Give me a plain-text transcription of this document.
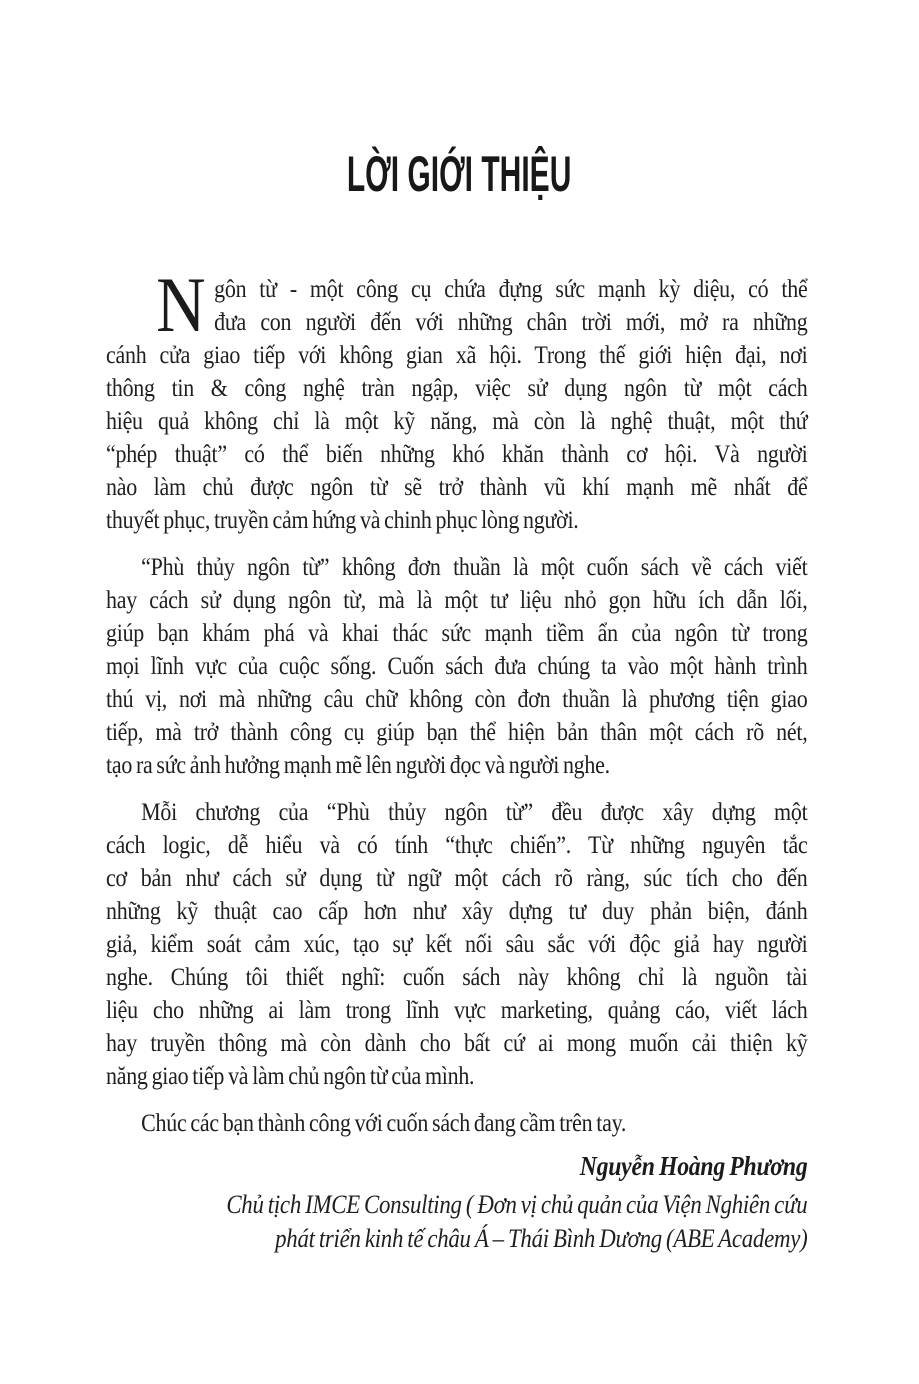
LỜI GIỚI THIỆU
N gôn từ - một công cụ chứa đựng sức mạnh kỳ diệu, có thể
đưa con người đến với những chân trời mới, mở ra những
cánh cửa giao tiếp với không gian xã hội. Trong thế giới hiện đại, nơi
thông tin & công nghệ tràn ngập, việc sử dụng ngôn từ một cách
hiệu quả không chỉ là một kỹ năng, mà còn là nghệ thuật, một thứ
“phép thuật” có thể biến những khó khăn thành cơ hội. Và người
nào làm chủ được ngôn từ sẽ trở thành vũ khí mạnh mẽ nhất để
thuyết phục, truyền cảm hứng và chinh phục lòng người.
“Phù thủy ngôn từ” không đơn thuần là một cuốn sách về cách viết
hay cách sử dụng ngôn từ, mà là một tư liệu nhỏ gọn hữu ích dẫn lối,
giúp bạn khám phá và khai thác sức mạnh tiềm ẩn của ngôn từ trong
mọi lĩnh vực của cuộc sống. Cuốn sách đưa chúng ta vào một hành trình
thú vị, nơi mà những câu chữ không còn đơn thuần là phương tiện giao
tiếp, mà trở thành công cụ giúp bạn thể hiện bản thân một cách rõ nét,
tạo ra sức ảnh hưởng mạnh mẽ lên người đọc và người nghe.
Mỗi chương của “Phù thủy ngôn từ” đều được xây dựng một
cách logic, dễ hiểu và có tính “thực chiến”. Từ những nguyên tắc
cơ bản như cách sử dụng từ ngữ một cách rõ ràng, súc tích cho đến
những kỹ thuật cao cấp hơn như xây dựng tư duy phản biện, đánh
giả, kiểm soát cảm xúc, tạo sự kết nối sâu sắc với độc giả hay người
nghe. Chúng tôi thiết nghĩ: cuốn sách này không chỉ là nguồn tài
liệu cho những ai làm trong lĩnh vực marketing, quảng cáo, viết lách
hay truyền thông mà còn dành cho bất cứ ai mong muốn cải thiện kỹ
năng giao tiếp và làm chủ ngôn từ của mình.
Chúc các bạn thành công với cuốn sách đang cầm trên tay.
Nguyễn Hoàng Phương
Chủ tịch IMCE Consulting ( Đơn vị chủ quản của Viện Nghiên cứu
phát triển kinh tế châu Á – Thái Bình Dương (ABE Academy)
